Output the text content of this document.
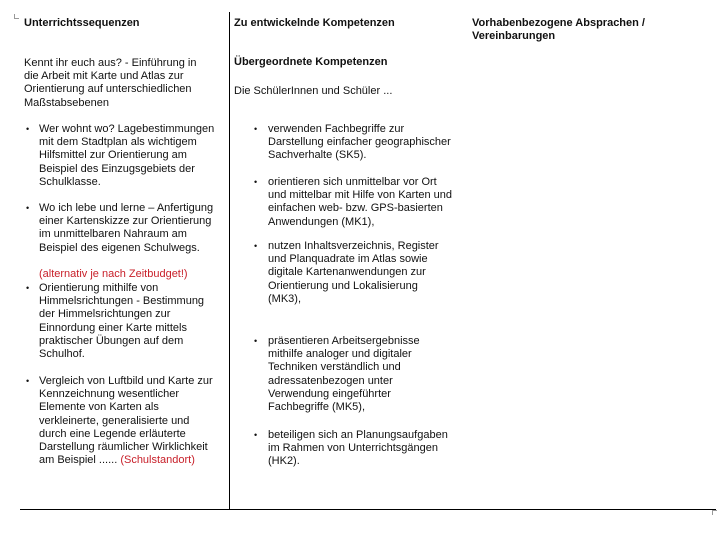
Unterrichtssequenzen
Kennt ihr euch aus? - Einführung in
die Arbeit mit Karte und Atlas zur
Orientierung auf unterschiedlichen
Maßstabsebenen
• Wer wohnt wo? Lagebestimmungen
mit dem Stadtplan als wichtigem
Hilfsmittel zur Orientierung am
Beispiel des Einzugsgebiets der
Schulklasse.
• Wo ich lebe und lerne – Anfertigung
einer Kartenskizze zur Orientierung
im unmittelbaren Nahraum am
Beispiel des eigenen Schulwegs.
(alternativ je nach Zeitbudget!)
• Orientierung mithilfe von
Himmelsrichtungen - Bestimmung
der Himmelsrichtungen zur
Einnordung einer Karte mittels
praktischer Übungen auf dem
Schulhof.
• Vergleich von Luftbild und Karte zur
Kennzeichnung wesentlicher
Elemente von Karten als
verkleinerte, generalisierte und
durch eine Legende erläuterte
Darstellung räumlicher Wirklichkeit
am Beispiel ...... (Schulstandort)
Zu entwickelnde Kompetenzen
Übergeordnete Kompetenzen
Die SchülerInnen und Schüler ...
• verwenden Fachbegriffe zur
Darstellung einfacher geographischer
Sachverhalte (SK5).
• orientieren sich unmittelbar vor Ort
und mittelbar mit Hilfe von Karten und
einfachen web- bzw. GPS-basierten
Anwendungen (MK1),
• nutzen Inhaltsverzeichnis, Register
und Planquadrate im Atlas sowie
digitale Kartenanwendungen zur
Orientierung und Lokalisierung
(MK3),
• präsentieren Arbeitsergebnisse
mithilfe analoger und digitaler
Techniken verständlich und
adressatenbezogen unter
Verwendung eingeführter
Fachbegriffe (MK5),
• beteiligen sich an Planungsaufgaben
im Rahmen von Unterrichtsgängen
(HK2).
Vorhabenbezogene Absprachen /
Vereinbarungen
